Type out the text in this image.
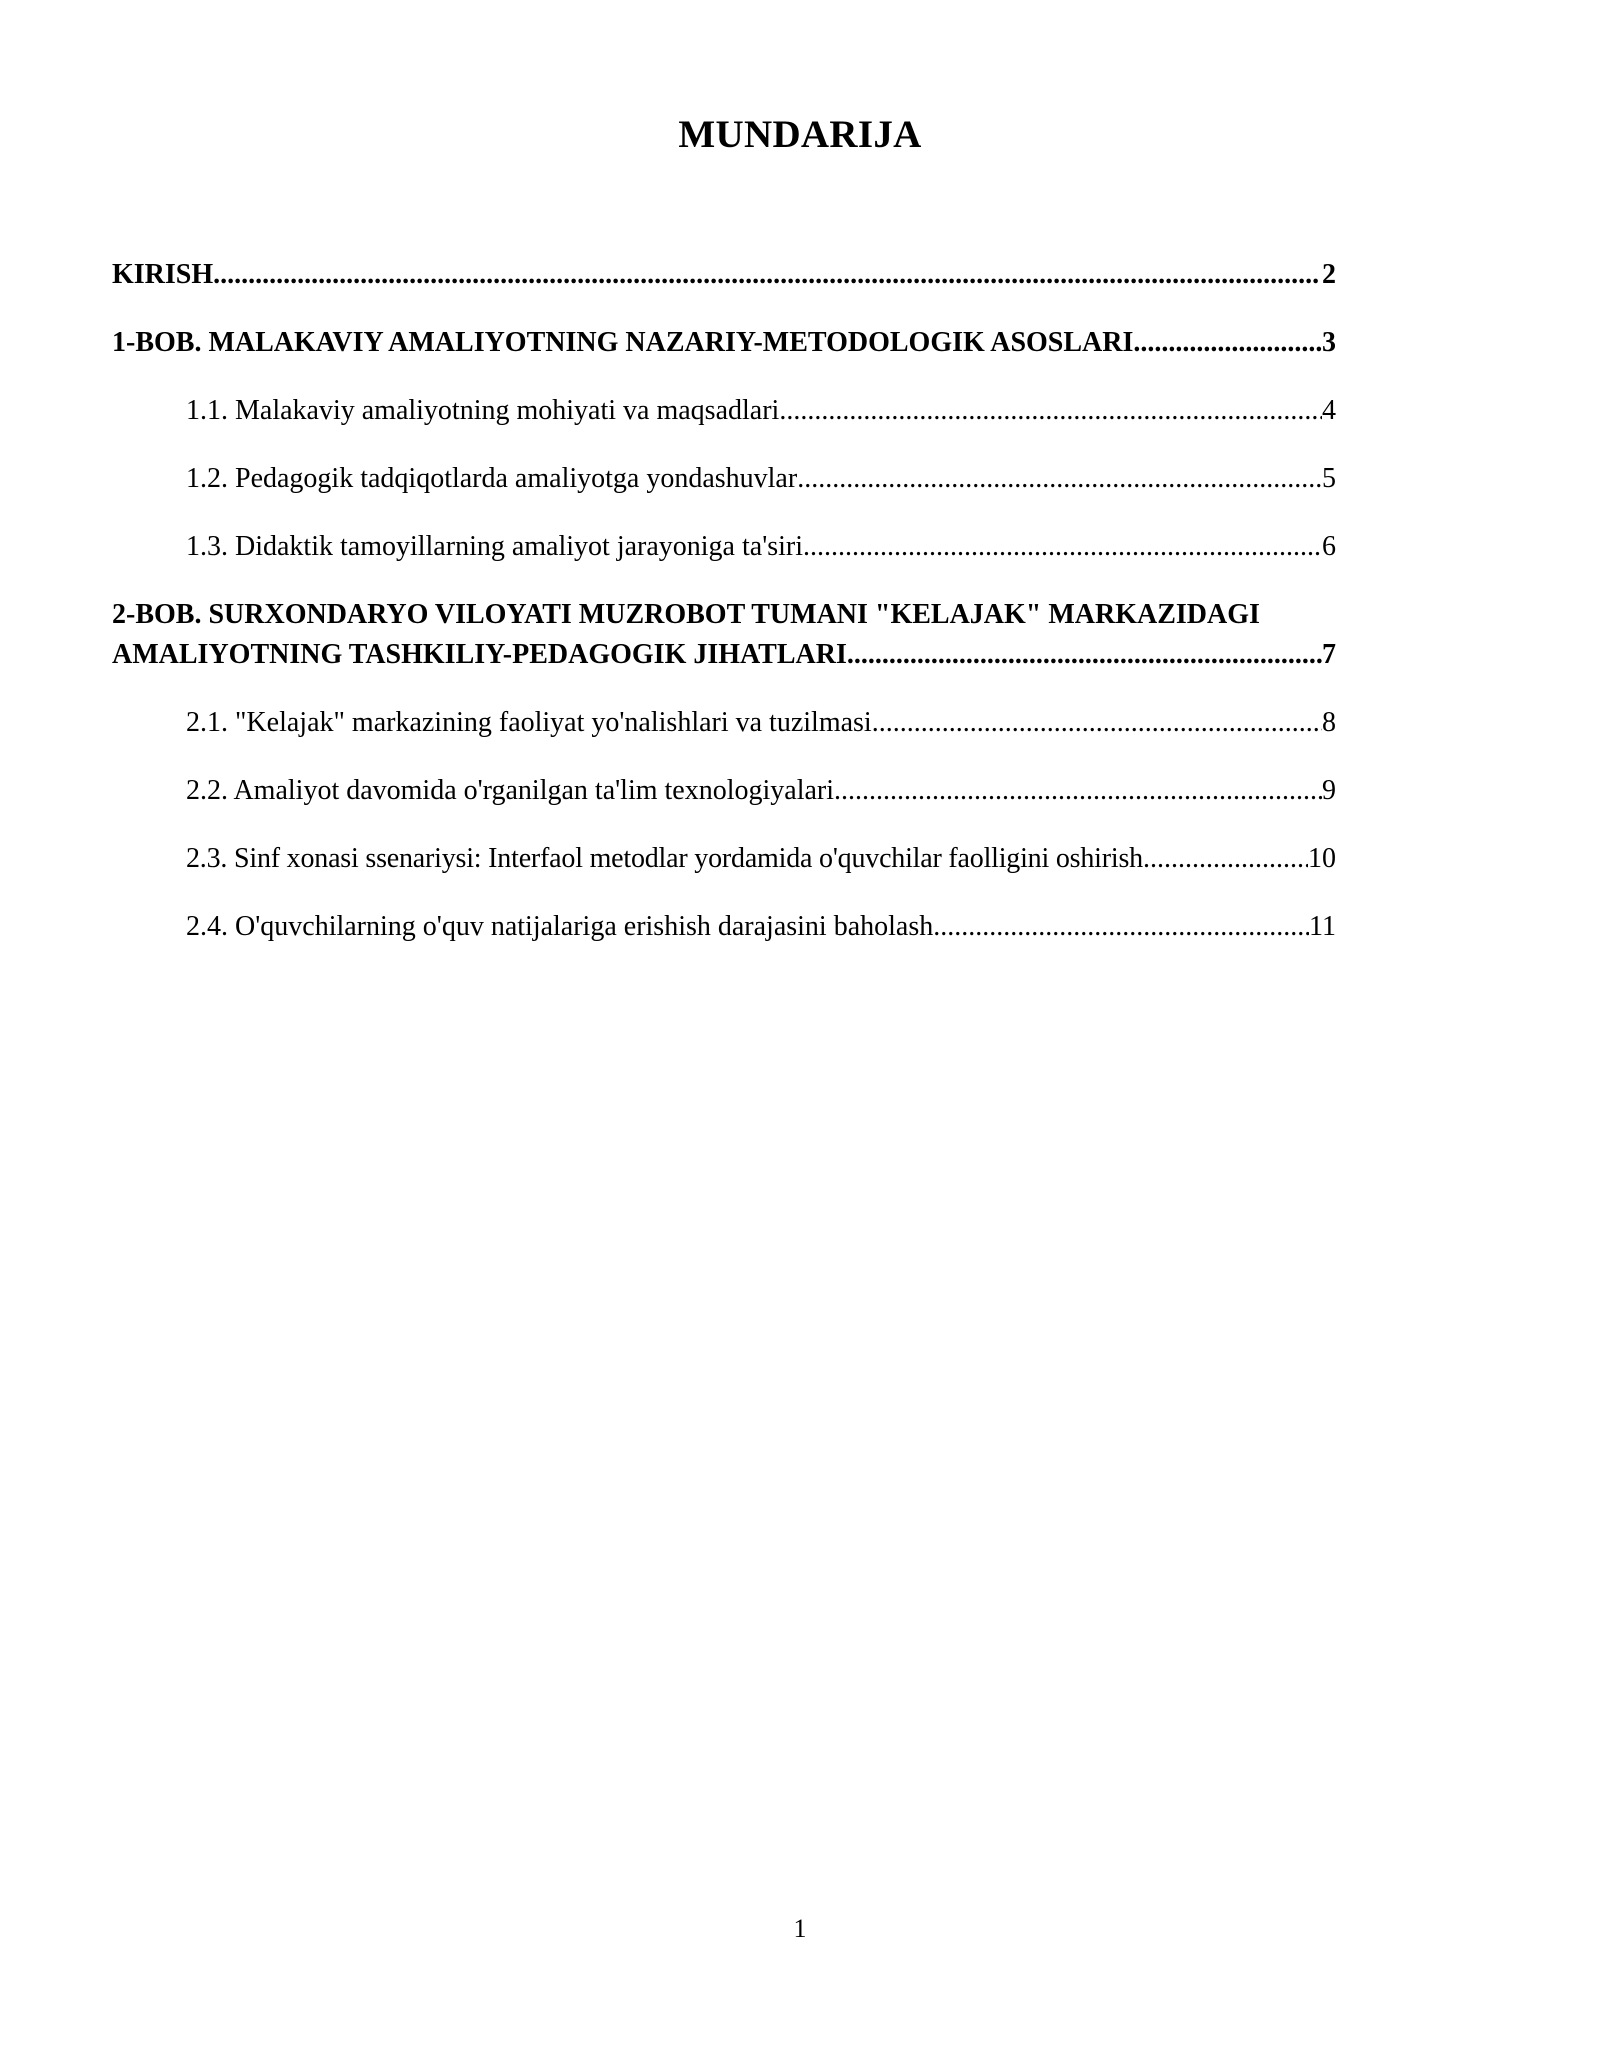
MUNDARIJA
KIRISH .....	2
1-BOB. MALAKAVIY AMALIYOTNING NAZARIY-METODOLOGIK ASOSLARI .....	3
1.1. Malakaviy amaliyotning mohiyati va maqsadlari .....	4
1.2. Pedagogik tadqiqotlarda amaliyotga yondashuvlar .....	5
1.3. Didaktik tamoyillarning amaliyot jarayoniga ta'siri .....	6
2-BOB. SURXONDARYO VILOYATI MUZROBOT TUMANI "KELAJAK" MARKAZIDAGI
AMALIYOTNING TASHKILIY-PEDAGOGIK JIHATLARI .....	7
2.1. "Kelajak" markazining faoliyat yo'nalishlari va tuzilmasi .....	8
2.2. Amaliyot davomida o'rganilgan ta'lim texnologiyalari .....	9
2.3. Sinf xonasi ssenariysi: Interfaol metodlar yordamida o'quvchilar faolligini oshirish .....	10
2.4. O'quvchilarning o'quv natijalariga erishish darajasini baholash .....	11
1
